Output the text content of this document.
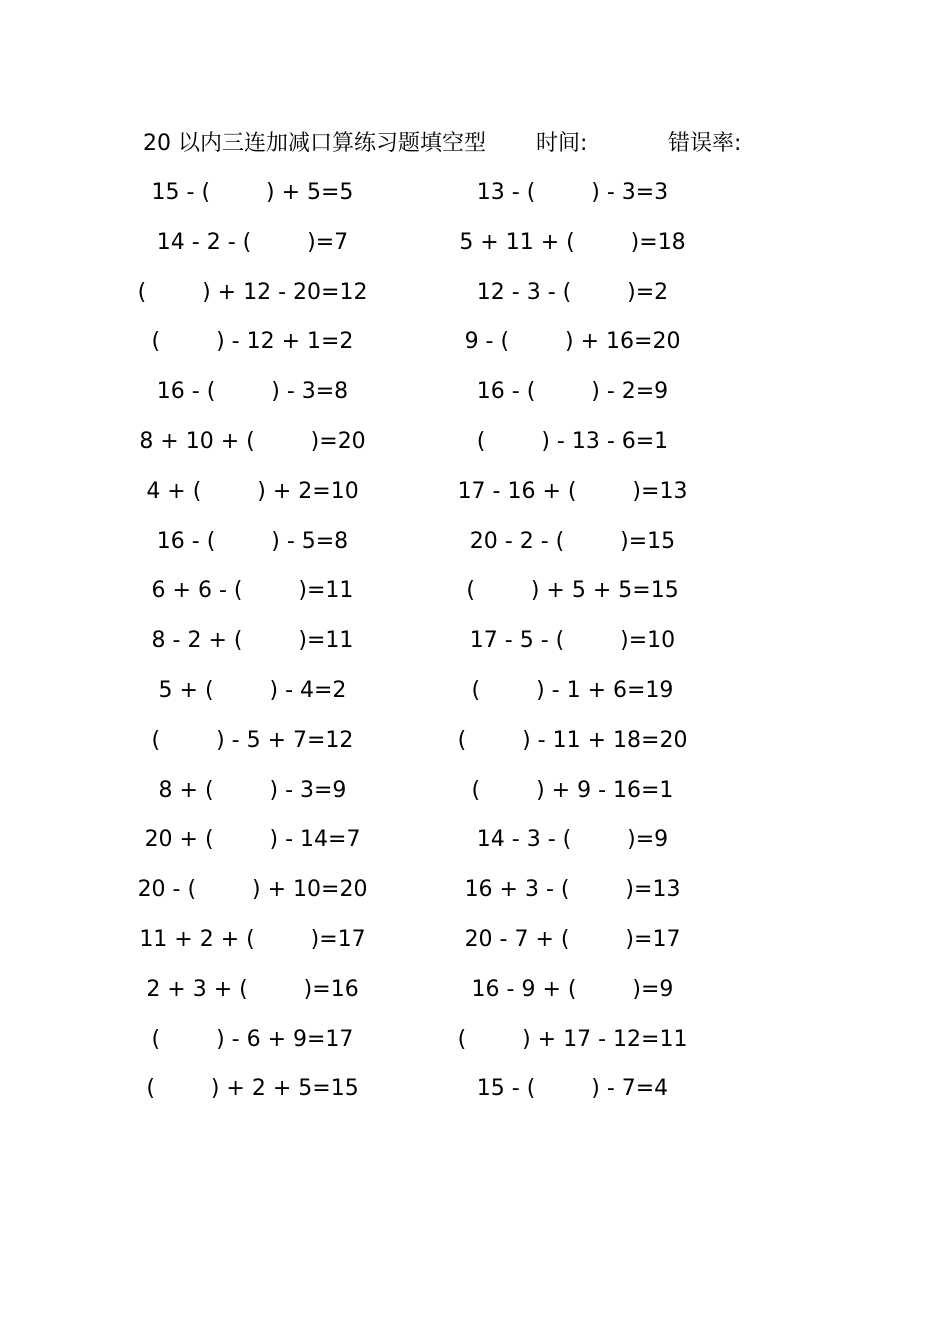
20 以内三连加减口算练习题填空型 时间:	错误率:
15 - (        ) + 5=5
14 - 2 - (        )=7
(        ) + 12 - 20=12
(        ) - 12 + 1=2
16 - (        ) - 3=8
8 + 10 + (        )=20
4 + (        ) + 2=10
16 - (        ) - 5=8
6 + 6 - (        )=11
8 - 2 + (        )=11
5 + (        ) - 4=2
(        ) - 5 + 7=12
8 + (        ) - 3=9
20 + (        ) - 14=7
20 - (        ) + 10=20
11 + 2 + (        )=17
2 + 3 + (        )=16
(        ) - 6 + 9=17
(        ) + 2 + 5=15
13 - (        ) - 3=3
5 + 11 + (        )=18
12 - 3 - (        )=2
9 - (        ) + 16=20
16 - (        ) - 2=9
(        ) - 13 - 6=1
17 - 16 + (        )=13
20 - 2 - (        )=15
(        ) + 5 + 5=15
17 - 5 - (        )=10
(        ) - 1 + 6=19
(        ) - 11 + 18=20
(        ) + 9 - 16=1
14 - 3 - (        )=9
16 + 3 - (        )=13
20 - 7 + (        )=17
16 - 9 + (        )=9
(        ) + 17 - 12=11
15 - (        ) - 7=4
